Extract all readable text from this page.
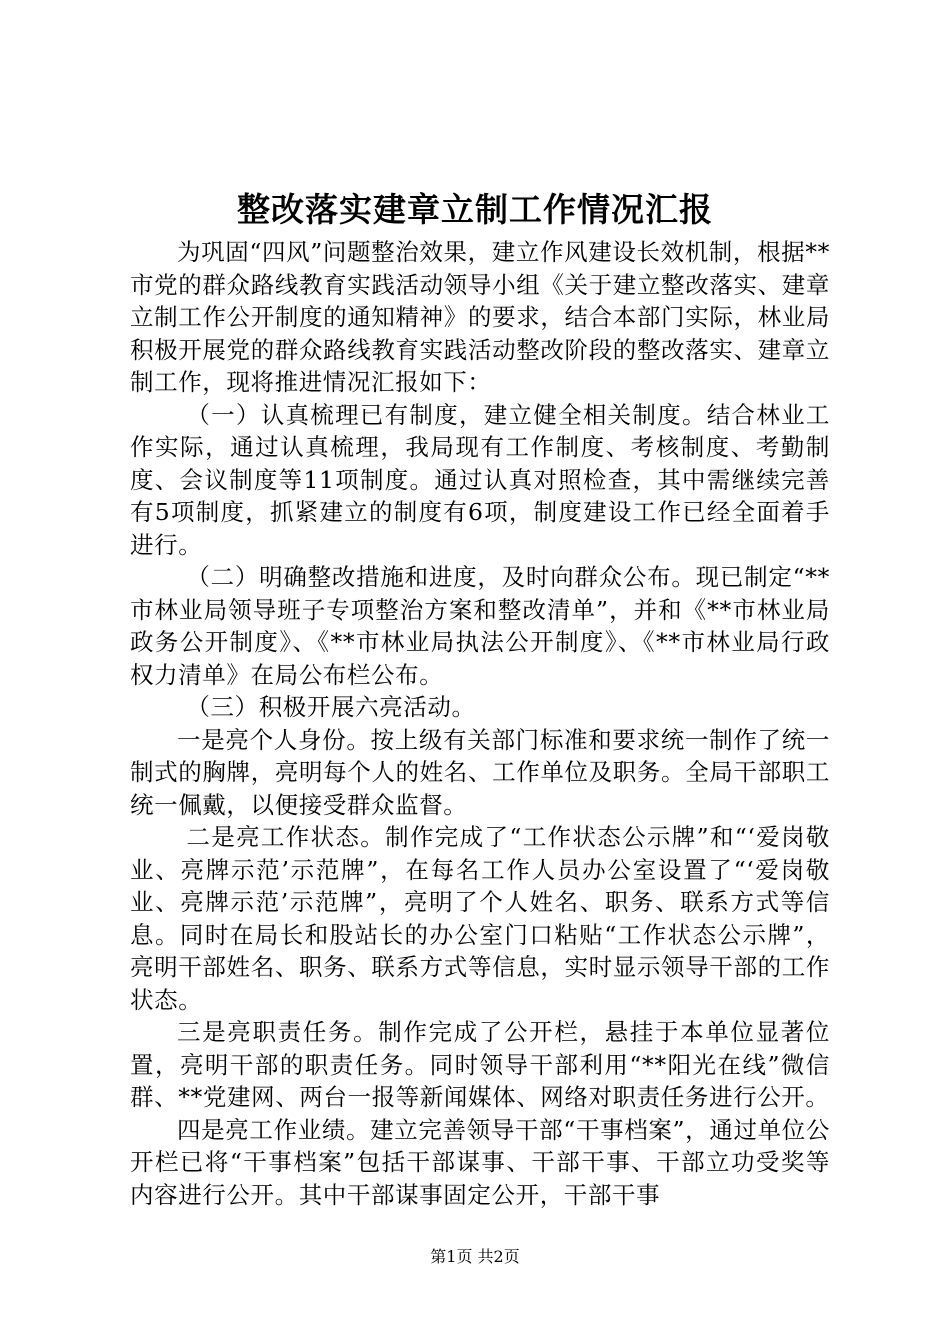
整改落实建章立制工作情况汇报

为巩固“四风”问题整治效果，建立作风建设长效机制，根据**市党的群众路线教育实践活动领导小组《关于建立整改落实、建章立制工作公开制度的通知精神》的要求，结合本部门实际，林业局积极开展党的群众路线教育实践活动整改阶段的整改落实、建章立制工作，现将推进情况汇报如下：

（一）认真梳理已有制度，建立健全相关制度。结合林业工作实际，通过认真梳理，我局现有工作制度、考核制度、考勤制度、会议制度等11项制度。通过认真对照检查，其中需继续完善有5项制度，抓紧建立的制度有6项，制度建设工作已经全面着手进行。

（二）明确整改措施和进度，及时向群众公布。现已制定“**市林业局领导班子专项整治方案和整改清单”，并和《**市林业局政务公开制度》、《**市林业局执法公开制度》、《**市林业局行政权力清单》在局公布栏公布。

（三）积极开展六亮活动。

一是亮个人身份。按上级有关部门标准和要求统一制作了统一制式的胸牌，亮明每个人的姓名、工作单位及职务。全局干部职工统一佩戴，以便接受群众监督。

二是亮工作状态。制作完成了“工作状态公示牌”和“‘爱岗敬业、亮牌示范’示范牌”，在每名工作人员办公室设置了“‘爱岗敬业、亮牌示范’示范牌”，亮明了个人姓名、职务、联系方式等信息。同时在局长和股站长的办公室门口粘贴“工作状态公示牌”，亮明干部姓名、职务、联系方式等信息，实时显示领导干部的工作状态。

三是亮职责任务。制作完成了公开栏，悬挂于本单位显著位置，亮明干部的职责任务。同时领导干部利用“**阳光在线”微信群、**党建网、两台一报等新闻媒体、网络对职责任务进行公开。

四是亮工作业绩。建立完善领导干部“干事档案”，通过单位公开栏已将“干事档案”包括干部谋事、干部干事、干部立功受奖等内容进行公开。其中干部谋事固定公开，干部干事

第1页 共2页
